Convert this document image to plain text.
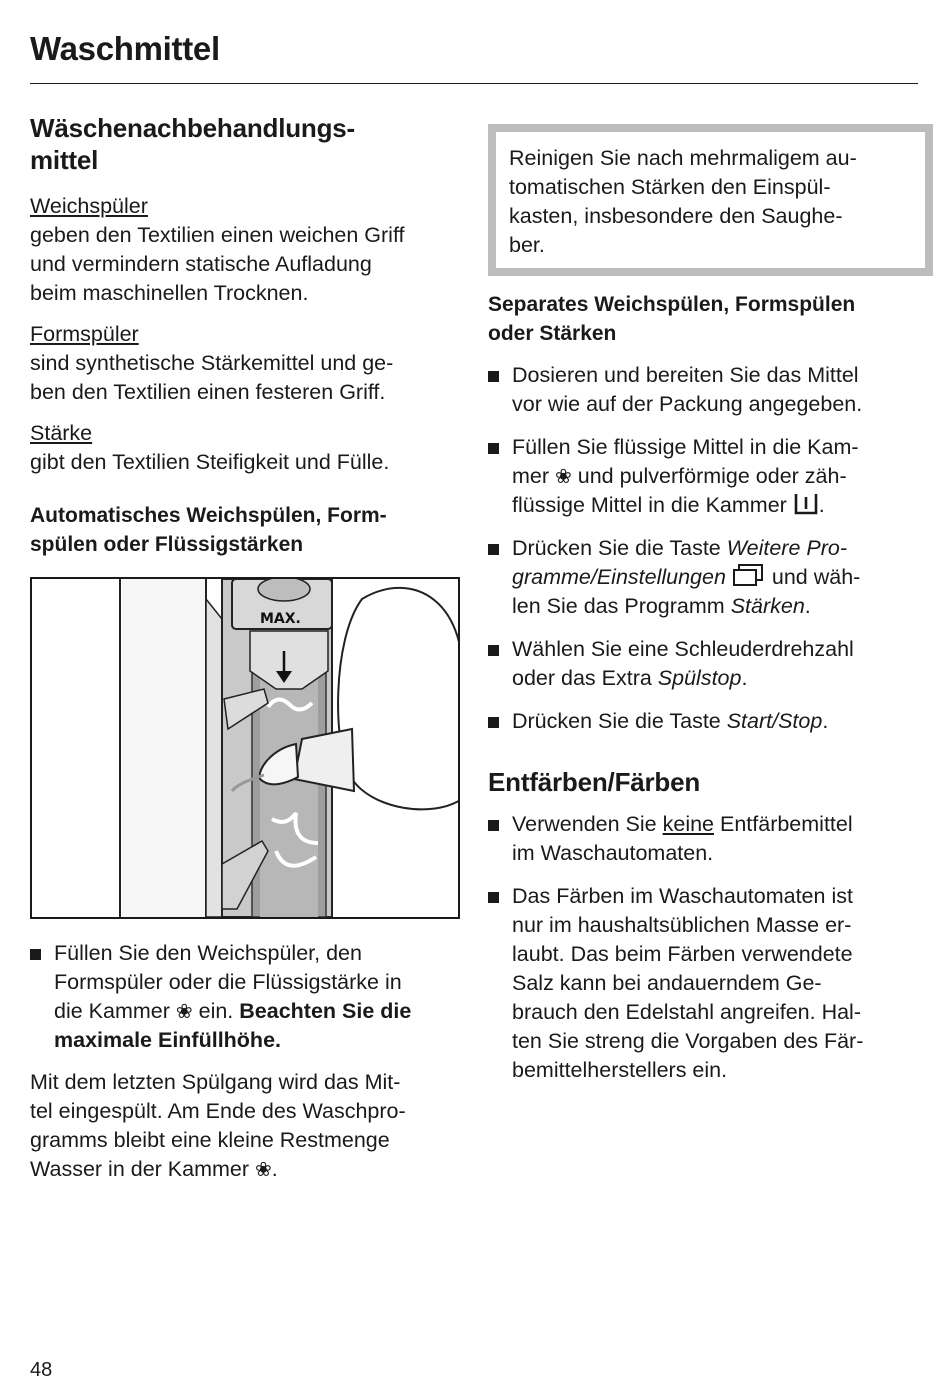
Waschmittel
Wäschenachbehandlungs-
mittel
Weichspüler
geben den Textilien einen weichen Griff
und vermindern statische Aufladung
beim maschinellen Trocknen.
Formspüler
sind synthetische Stärkemittel und ge-
ben den Textilien einen festeren Griff.
Stärke
gibt den Textilien Steifigkeit und Fülle.
Automatisches Weichspülen, Form-
spülen oder Flüssigstärken
MAX.
Füllen Sie den Weichspüler, den
Formspüler oder die Flüssigstärke in
die Kammer ❀ ein. Beachten Sie die
maximale Einfüllhöhe.
Mit dem letzten Spülgang wird das Mit-
tel eingespült. Am Ende des Waschpro-
gramms bleibt eine kleine Restmenge
Wasser in der Kammer ❀.
Reinigen Sie nach mehrmaligem au-
tomatischen Stärken den Einspül-
kasten, insbesondere den Saughe-
ber.
Separates Weichspülen, Formspülen
oder Stärken
Dosieren und bereiten Sie das Mittel
vor wie auf der Packung angegeben.
Füllen Sie flüssige Mittel in die Kam-
mer ❀ und pulverförmige oder zäh-
flüssige Mittel in die Kammer .
Drücken Sie die Taste Weitere Pro-
gramme/Einstellungen  und wäh-
len Sie das Programm Stärken.
Wählen Sie eine Schleuderdrehzahl
oder das Extra Spülstop.
Drücken Sie die Taste Start/Stop.
Entfärben/Färben
Verwenden Sie keine Entfärbemittel
im Waschautomaten.
Das Färben im Waschautomaten ist
nur im haushaltsüblichen Masse er-
laubt. Das beim Färben verwendete
Salz kann bei andauerndem Ge-
brauch den Edelstahl angreifen. Hal-
ten Sie streng die Vorgaben des Fär-
bemittelherstellers ein.
48
